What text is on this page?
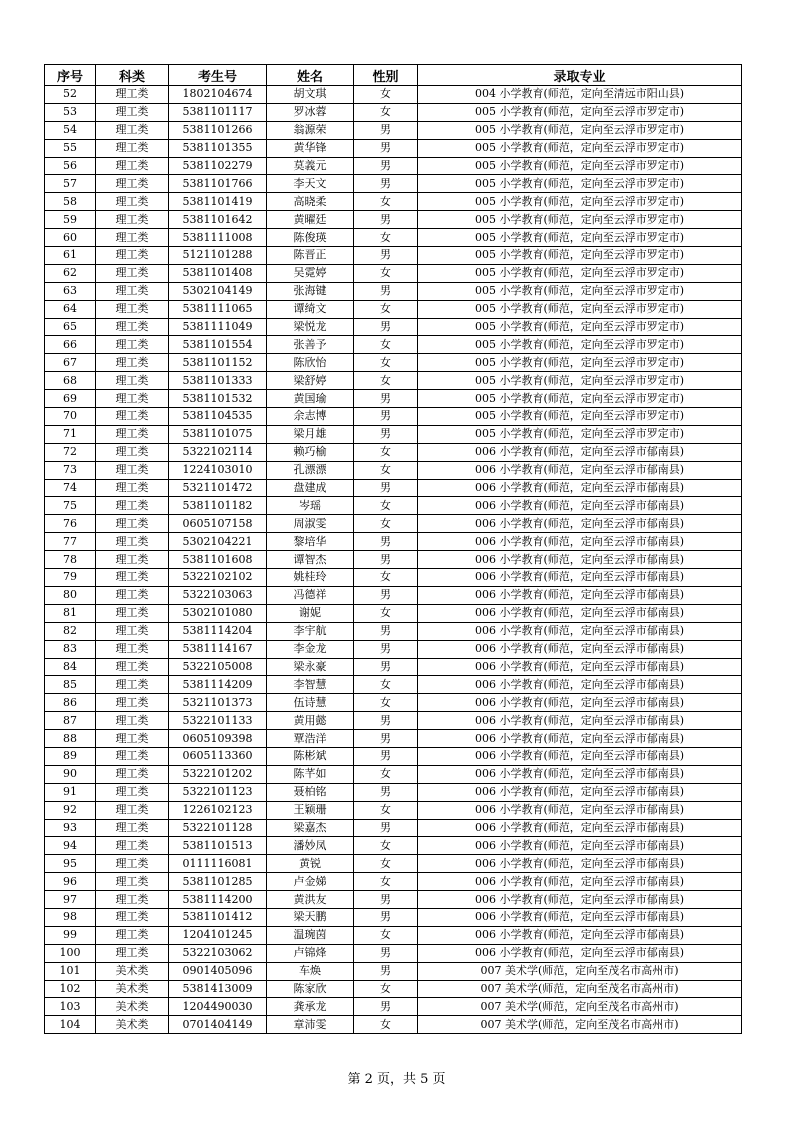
序号	科类	考生号	姓名	性别	录取专业
52	理工类	1802104674	胡文琪	女	004 小学教育(师范，定向至清远市阳山县)
53	理工类	5381101117	罗冰蓉	女	005 小学教育(师范，定向至云浮市罗定市)
54	理工类	5381101266	翁源荣	男	005 小学教育(师范，定向至云浮市罗定市)
55	理工类	5381101355	黄华锋	男	005 小学教育(师范，定向至云浮市罗定市)
56	理工类	5381102279	莫義元	男	005 小学教育(师范，定向至云浮市罗定市)
57	理工类	5381101766	李天文	男	005 小学教育(师范，定向至云浮市罗定市)
58	理工类	5381101419	高晓柔	女	005 小学教育(师范，定向至云浮市罗定市)
59	理工类	5381101642	黄曜廷	男	005 小学教育(师范，定向至云浮市罗定市)
60	理工类	5381111008	陈俊瑛	女	005 小学教育(师范，定向至云浮市罗定市)
61	理工类	5121101288	陈晋正	男	005 小学教育(师范，定向至云浮市罗定市)
62	理工类	5381101408	吴霓婷	女	005 小学教育(师范，定向至云浮市罗定市)
63	理工类	5302104149	张海键	男	005 小学教育(师范，定向至云浮市罗定市)
64	理工类	5381111065	谭绮文	女	005 小学教育(师范，定向至云浮市罗定市)
65	理工类	5381111049	梁悦龙	男	005 小学教育(师范，定向至云浮市罗定市)
66	理工类	5381101554	张善予	女	005 小学教育(师范，定向至云浮市罗定市)
67	理工类	5381101152	陈欣怡	女	005 小学教育(师范，定向至云浮市罗定市)
68	理工类	5381101333	梁舒婷	女	005 小学教育(师范，定向至云浮市罗定市)
69	理工类	5381101532	黄国瑜	男	005 小学教育(师范，定向至云浮市罗定市)
70	理工类	5381104535	余志博	男	005 小学教育(师范，定向至云浮市罗定市)
71	理工类	5381101075	梁月雄	男	005 小学教育(师范，定向至云浮市罗定市)
72	理工类	5322102114	赖巧榆	女	006 小学教育(师范，定向至云浮市郁南县)
73	理工类	1224103010	孔漂漂	女	006 小学教育(师范，定向至云浮市郁南县)
74	理工类	5321101472	盘建成	男	006 小学教育(师范，定向至云浮市郁南县)
75	理工类	5381101182	岑瑶	女	006 小学教育(师范，定向至云浮市郁南县)
76	理工类	0605107158	周淑雯	女	006 小学教育(师范，定向至云浮市郁南县)
77	理工类	5302104221	黎培华	男	006 小学教育(师范，定向至云浮市郁南县)
78	理工类	5381101608	谭智杰	男	006 小学教育(师范，定向至云浮市郁南县)
79	理工类	5322102102	姚桂玲	女	006 小学教育(师范，定向至云浮市郁南县)
80	理工类	5322103063	冯德祥	男	006 小学教育(师范，定向至云浮市郁南县)
81	理工类	5302101080	谢妮	女	006 小学教育(师范，定向至云浮市郁南县)
82	理工类	5381114204	李宇航	男	006 小学教育(师范，定向至云浮市郁南县)
83	理工类	5381114167	李金龙	男	006 小学教育(师范，定向至云浮市郁南县)
84	理工类	5322105008	梁永豪	男	006 小学教育(师范，定向至云浮市郁南县)
85	理工类	5381114209	李智慧	女	006 小学教育(师范，定向至云浮市郁南县)
86	理工类	5321101373	伍诗慧	女	006 小学教育(师范，定向至云浮市郁南县)
87	理工类	5322101133	黄用懿	男	006 小学教育(师范，定向至云浮市郁南县)
88	理工类	0605109398	覃浩洋	男	006 小学教育(师范，定向至云浮市郁南县)
89	理工类	0605113360	陈彬斌	男	006 小学教育(师范，定向至云浮市郁南县)
90	理工类	5322101202	陈芊如	女	006 小学教育(师范，定向至云浮市郁南县)
91	理工类	5322101123	聂柏铭	男	006 小学教育(师范，定向至云浮市郁南县)
92	理工类	1226102123	王颖珊	女	006 小学教育(师范，定向至云浮市郁南县)
93	理工类	5322101128	梁嘉杰	男	006 小学教育(师范，定向至云浮市郁南县)
94	理工类	5381101513	潘妙凤	女	006 小学教育(师范，定向至云浮市郁南县)
95	理工类	0111116081	黄锐	女	006 小学教育(师范，定向至云浮市郁南县)
96	理工类	5381101285	卢金娣	女	006 小学教育(师范，定向至云浮市郁南县)
97	理工类	5381114200	黄洪友	男	006 小学教育(师范，定向至云浮市郁南县)
98	理工类	5381101412	梁天鹏	男	006 小学教育(师范，定向至云浮市郁南县)
99	理工类	1204101245	温琬茵	女	006 小学教育(师范，定向至云浮市郁南县)
100	理工类	5322103062	卢锦烽	男	006 小学教育(师范，定向至云浮市郁南县)
101	美术类	0901405096	车焕	男	007 美术学(师范，定向至茂名市高州市)
102	美术类	5381413009	陈家欣	女	007 美术学(师范，定向至茂名市高州市)
103	美术类	1204490030	龚承龙	男	007 美术学(师范，定向至茂名市高州市)
104	美术类	0701404149	章沛雯	女	007 美术学(师范，定向至茂名市高州市)
第 2 页，共 5 页
